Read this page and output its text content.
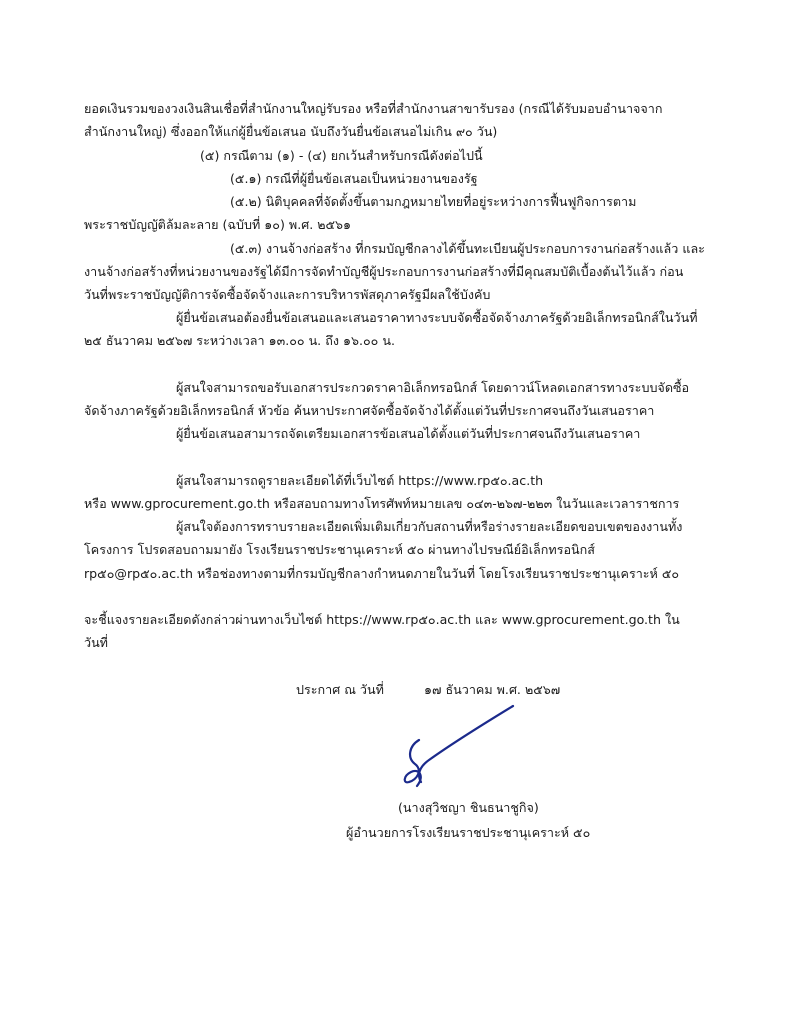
ยอดเงินรวมของวงเงินสินเชื่อที่สำนักงานใหญ่รับรอง หรือที่สำนักงานสาขารับรอง (กรณีได้รับมอบอำนาจจาก
สำนักงานใหญ่) ซึ่งออกให้แก่ผู้ยื่นข้อเสนอ นับถึงวันยื่นข้อเสนอไม่เกิน ๙๐ วัน)
(๕) กรณีตาม (๑) - (๔) ยกเว้นสำหรับกรณีดังต่อไปนี้
(๕.๑) กรณีที่ผู้ยื่นข้อเสนอเป็นหน่วยงานของรัฐ
(๕.๒) นิติบุคคลที่จัดตั้งขึ้นตามกฎหมายไทยที่อยู่ระหว่างการฟื้นฟูกิจการตาม
พระราชบัญญัติล้มละลาย (ฉบับที่ ๑๐) พ.ศ. ๒๕๖๑
(๕.๓) งานจ้างก่อสร้าง ที่กรมบัญชีกลางได้ขึ้นทะเบียนผู้ประกอบการงานก่อสร้างแล้ว และ
งานจ้างก่อสร้างที่หน่วยงานของรัฐได้มีการจัดทำบัญชีผู้ประกอบการงานก่อสร้างที่มีคุณสมบัติเบื้องต้นไว้แล้ว ก่อน
วันที่พระราชบัญญัติการจัดซื้อจัดจ้างและการบริหารพัสดุภาครัฐมีผลใช้บังคับ
ผู้ยื่นข้อเสนอต้องยื่นข้อเสนอและเสนอราคาทางระบบจัดซื้อจัดจ้างภาครัฐด้วยอิเล็กทรอนิกส์ในวันที่
๒๕ ธันวาคม ๒๕๖๗ ระหว่างเวลา ๑๓.๐๐ น. ถึง ๑๖.๐๐ น.
ผู้สนใจสามารถขอรับเอกสารประกวดราคาอิเล็กทรอนิกส์ โดยดาวน์โหลดเอกสารทางระบบจัดซื้อ
จัดจ้างภาครัฐด้วยอิเล็กทรอนิกส์ หัวข้อ ค้นหาประกาศจัดซื้อจัดจ้างได้ตั้งแต่วันที่ประกาศจนถึงวันเสนอราคา
ผู้ยื่นข้อเสนอสามารถจัดเตรียมเอกสารข้อเสนอได้ตั้งแต่วันที่ประกาศจนถึงวันเสนอราคา
ผู้สนใจสามารถดูรายละเอียดได้ที่เว็บไซต์ https://www.rp๕๐.ac.th
หรือ www.gprocurement.go.th หรือสอบถามทางโทรศัพท์หมายเลข ๐๔๓-๒๖๗-๒๒๓ ในวันและเวลาราชการ
ผู้สนใจต้องการทราบรายละเอียดเพิ่มเติมเกี่ยวกับสถานที่หรือร่างรายละเอียดขอบเขตของงานทั้ง
โครงการ โปรดสอบถามมายัง โรงเรียนราชประชานุเคราะห์ ๕๐ ผ่านทางไปรษณีย์อิเล็กทรอนิกส์
rp๕๐@rp๕๐.ac.th หรือช่องทางตามที่กรมบัญชีกลางกำหนดภายในวันที่ โดยโรงเรียนราชประชานุเคราะห์ ๕๐
จะชี้แจงรายละเอียดดังกล่าวผ่านทางเว็บไซต์ https://www.rp๕๐.ac.th และ www.gprocurement.go.th ใน
วันที่
ประกาศ ณ วันที่	๑๗ ธันวาคม พ.ศ. ๒๕๖๗
(นางสุวิชญา ชินธนาชูกิจ)
ผู้อำนวยการโรงเรียนราชประชานุเคราะห์ ๕๐
